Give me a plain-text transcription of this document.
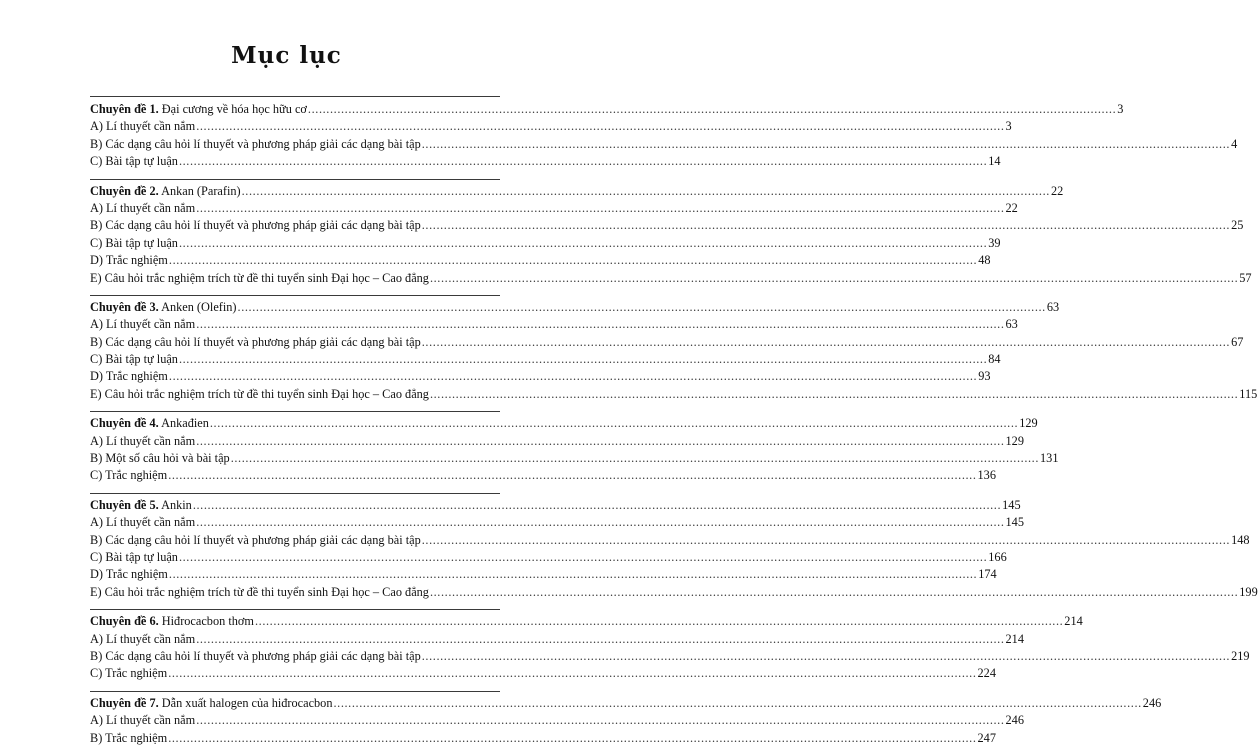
Mục lục
Chuyên đề 1. Đại cương về hóa học hữu cơ ............................................................................................................................................................................................................................ 3
A) Lí thuyết cần nắm ............................................................................................................................................................................................................................ 3
B) Các dạng câu hỏi lí thuyết và phương pháp giải các dạng bài tập ............................................................................................................................................................................................................................ 4
C) Bài tập tự luận ............................................................................................................................................................................................................................ 14
Chuyên đề 2. Ankan (Parafin) ............................................................................................................................................................................................................................ 22
A) Lí thuyết cần nắm ............................................................................................................................................................................................................................ 22
B) Các dạng câu hỏi lí thuyết và phương pháp giải các dạng bài tập ............................................................................................................................................................................................................................ 25
C) Bài tập tự luận ............................................................................................................................................................................................................................ 39
D) Trắc nghiệm ............................................................................................................................................................................................................................ 48
E) Câu hỏi trắc nghiệm trích từ đề thi tuyển sinh Đại học – Cao đẳng ............................................................................................................................................................................................................................ 57
Chuyên đề 3. Anken (Olefin) ............................................................................................................................................................................................................................ 63
A) Lí thuyết cần nắm ............................................................................................................................................................................................................................ 63
B) Các dạng câu hỏi lí thuyết và phương pháp giải các dạng bài tập ............................................................................................................................................................................................................................ 67
C) Bài tập tự luận ............................................................................................................................................................................................................................ 84
D) Trắc nghiệm ............................................................................................................................................................................................................................ 93
E) Câu hỏi trắc nghiệm trích từ đề thi tuyển sinh Đại học – Cao đẳng ............................................................................................................................................................................................................................ 115
Chuyên đề 4. Ankađien ............................................................................................................................................................................................................................ 129
A) Lí thuyết cần nắm ............................................................................................................................................................................................................................ 129
B) Một số câu hỏi và bài tập ............................................................................................................................................................................................................................ 131
C) Trắc nghiệm ............................................................................................................................................................................................................................ 136
Chuyên đề 5. Ankin ............................................................................................................................................................................................................................ 145
A) Lí thuyết cần nắm ............................................................................................................................................................................................................................ 145
B) Các dạng câu hỏi lí thuyết và phương pháp giải các dạng bài tập ............................................................................................................................................................................................................................ 148
C) Bài tập tự luận ............................................................................................................................................................................................................................ 166
D) Trắc nghiệm ............................................................................................................................................................................................................................ 174
E) Câu hỏi trắc nghiệm trích từ đề thi tuyển sinh Đại học – Cao đẳng ............................................................................................................................................................................................................................ 199
Chuyên đề 6. Hiđrocacbon thơm ............................................................................................................................................................................................................................ 214
A) Lí thuyết cần nắm ............................................................................................................................................................................................................................ 214
B) Các dạng câu hỏi lí thuyết và phương pháp giải các dạng bài tập ............................................................................................................................................................................................................................ 219
C) Trắc nghiệm ............................................................................................................................................................................................................................ 224
Chuyên đề 7. Dẫn xuất halogen của hiđrocacbon ............................................................................................................................................................................................................................ 246
A) Lí thuyết cần nắm ............................................................................................................................................................................................................................ 246
B) Trắc nghiệm ............................................................................................................................................................................................................................ 247
